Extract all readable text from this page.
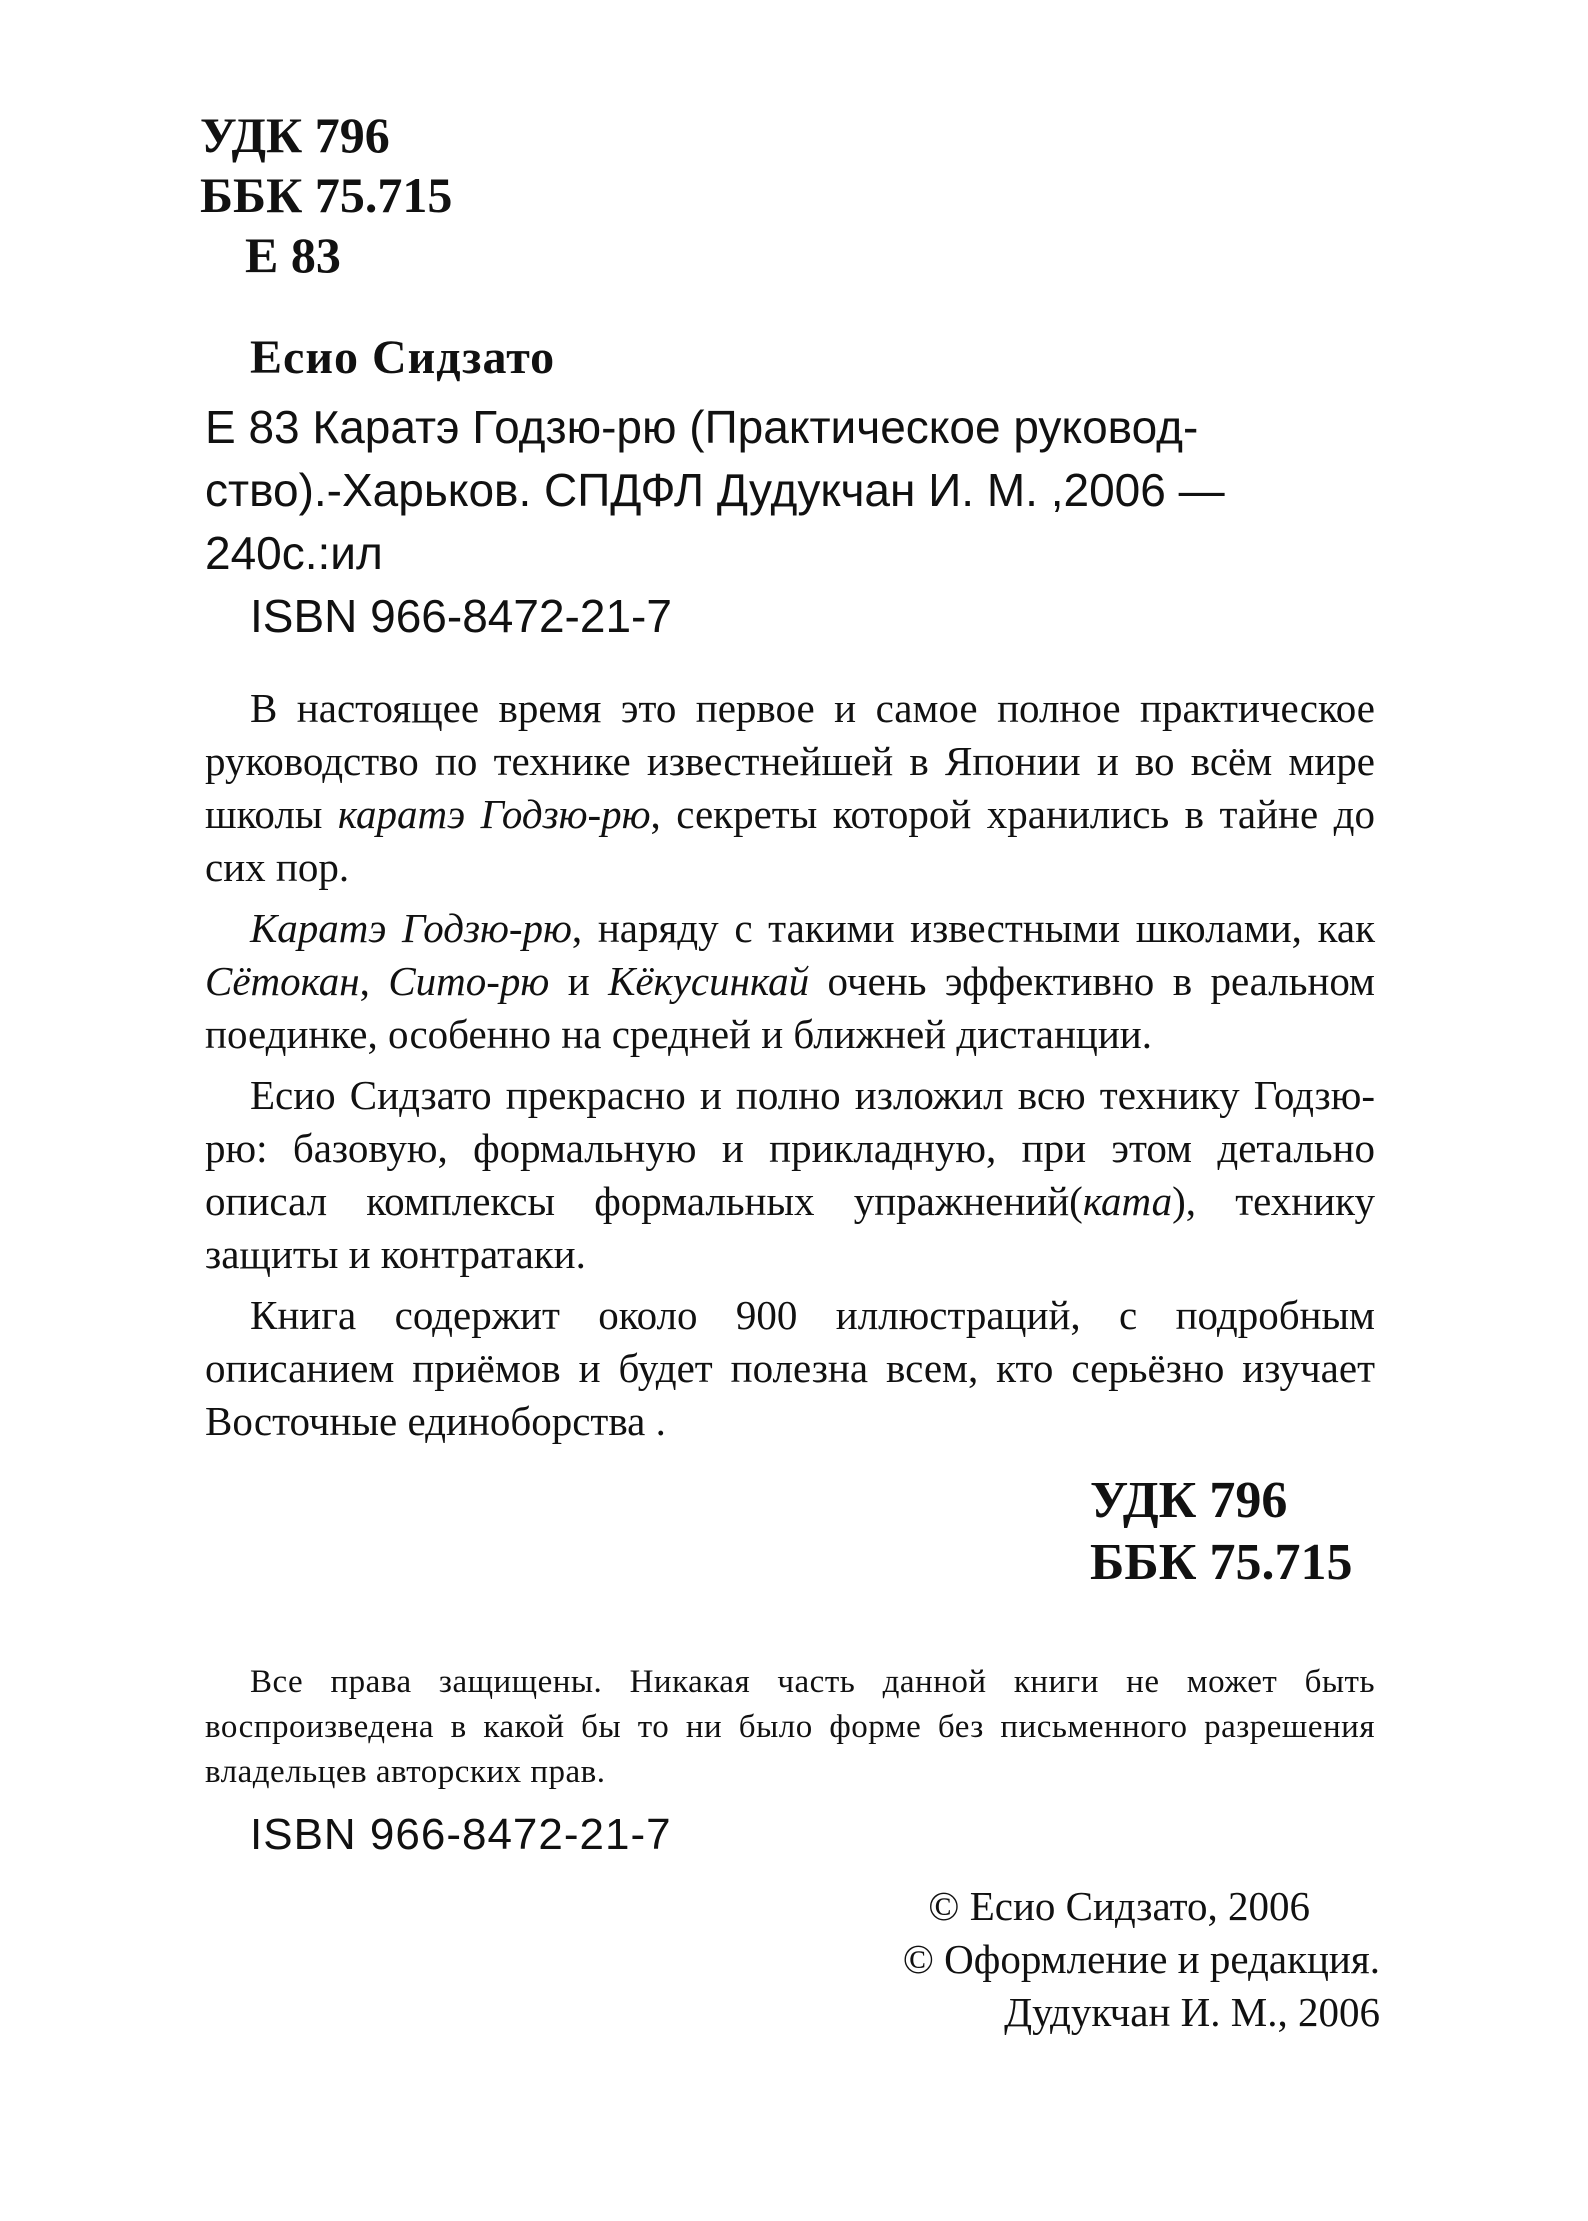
УДК 796
ББК 75.715
Е 83
Есио Сидзато
Е 83 Каратэ Годзю-рю (Практическое руковод-
ство).-Харьков. СПДФЛ Дудукчан И. М. ,2006 —
240с.:ил
ISBN 966-8472-21-7

В настоящее время это первое и самое полное практическое руководство по технике известнейшей в Японии и во всём мире школы каратэ Годзю-рю, секреты которой хранились в тайне до сих пор.

Каратэ Годзю-рю, наряду с такими известными школами, как Сётокан, Сито-рю и Кёкусинкай очень эффективно в реальном поединке, особенно на средней и ближней дистанции.

Есио Сидзато прекрасно и полно изложил всю технику Годзю-рю: базовую, формальную и прикладную, при этом детально описал комплексы формальных упражнений(ката), технику защиты и контратаки.

Книга содержит около 900 иллюстраций, с подробным описанием приёмов и будет полезна всем, кто серьёзно изучает Восточные единоборства .

УДК 796
ББК 75.715
Все права защищены. Никакая часть данной книги не может быть воспроизведена в какой бы то ни было форме без письменного разрешения владельцев авторских прав.
ISBN 966-8472-21-7
© Есио Сидзато, 2006
© Оформление и редакция.
Дудукчан И. М., 2006
